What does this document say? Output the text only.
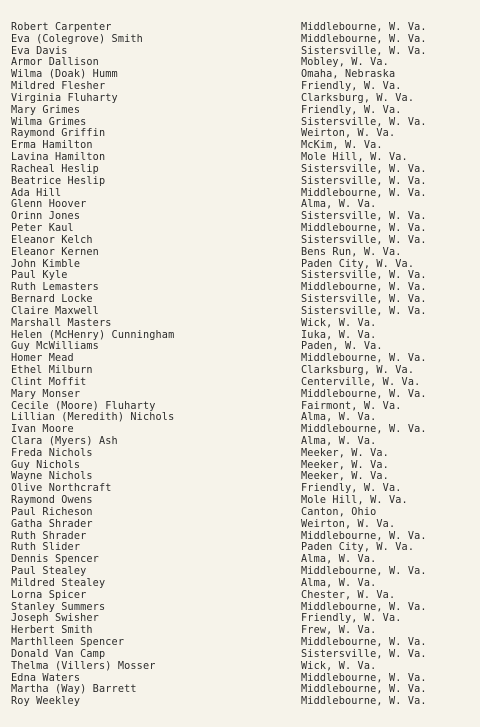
Robert Carpenter	Middlebourne, W. Va.
Eva (Colegrove) Smith	Middlebourne, W. Va.
Eva Davis	Sistersville, W. Va.
Armor Dallison	Mobley, W. Va.
Wilma (Doak) Humm	Omaha, Nebraska
Mildred Flesher	Friendly, W. Va.
Virginia Fluharty	Clarksburg, W. Va.
Mary Grimes	Friendly, W. Va.
Wilma Grimes	Sistersville, W. Va.
Raymond Griffin	Weirton, W. Va.
Erma Hamilton	McKim, W. Va.
Lavina Hamilton	Mole Hill, W. Va.
Racheal Heslip	Sistersville, W. Va.
Beatrice Heslip	Sistersville, W. Va.
Ada Hill	Middlebourne, W. Va.
Glenn Hoover	Alma, W. Va.
Orinn Jones	Sistersville, W. Va.
Peter Kaul	Middlebourne, W. Va.
Eleanor Kelch	Sistersville, W. Va.
Eleanor Kernen	Bens Run, W. Va.
John Kimble	Paden City, W. Va.
Paul Kyle	Sistersville, W. Va.
Ruth Lemasters	Middlebourne, W. Va.
Bernard Locke	Sistersville, W. Va.
Claire Maxwell	Sistersville, W. Va.
Marshall Masters	Wick, W. Va.
Helen (McHenry) Cunningham	Iuka, W. Va.
Guy McWilliams	Paden, W. Va.
Homer Mead	Middlebourne, W. Va.
Ethel Milburn	Clarksburg, W. Va.
Clint Moffit	Centerville, W. Va.
Mary Monser	Middlebourne, W. Va.
Cecile (Moore) Fluharty	Fairmont, W. Va.
Lillian (Meredith) Nichols	Alma, W. Va.
Ivan Moore	Middlebourne, W. Va.
Clara (Myers) Ash	Alma, W. Va.
Freda Nichols	Meeker, W. Va.
Guy Nichols	Meeker, W. Va.
Wayne Nichols	Meeker, W. Va.
Olive Northcraft	Friendly, W. Va.
Raymond Owens	Mole Hill, W. Va.
Paul Richeson	Canton, Ohio
Gatha Shrader	Weirton, W. Va.
Ruth Shrader	Middlebourne, W. Va.
Ruth Slider	Paden City, W. Va.
Dennis Spencer	Alma, W. Va.
Paul Stealey	Middlebourne, W. Va.
Mildred Stealey	Alma, W. Va.
Lorna Spicer	Chester, W. Va.
Stanley Summers	Middlebourne, W. Va.
Joseph Swisher	Friendly, W. Va.
Herbert Smith	Frew, W. Va.
Marthlleen Spencer	Middlebourne, W. Va.
Donald Van Camp	Sistersville, W. Va.
Thelma (Villers) Mosser	Wick, W. Va.
Edna Waters	Middlebourne, W. Va.
Martha (Way) Barrett	Middlebourne, W. Va.
Roy Weekley	Middlebourne, W. Va.
